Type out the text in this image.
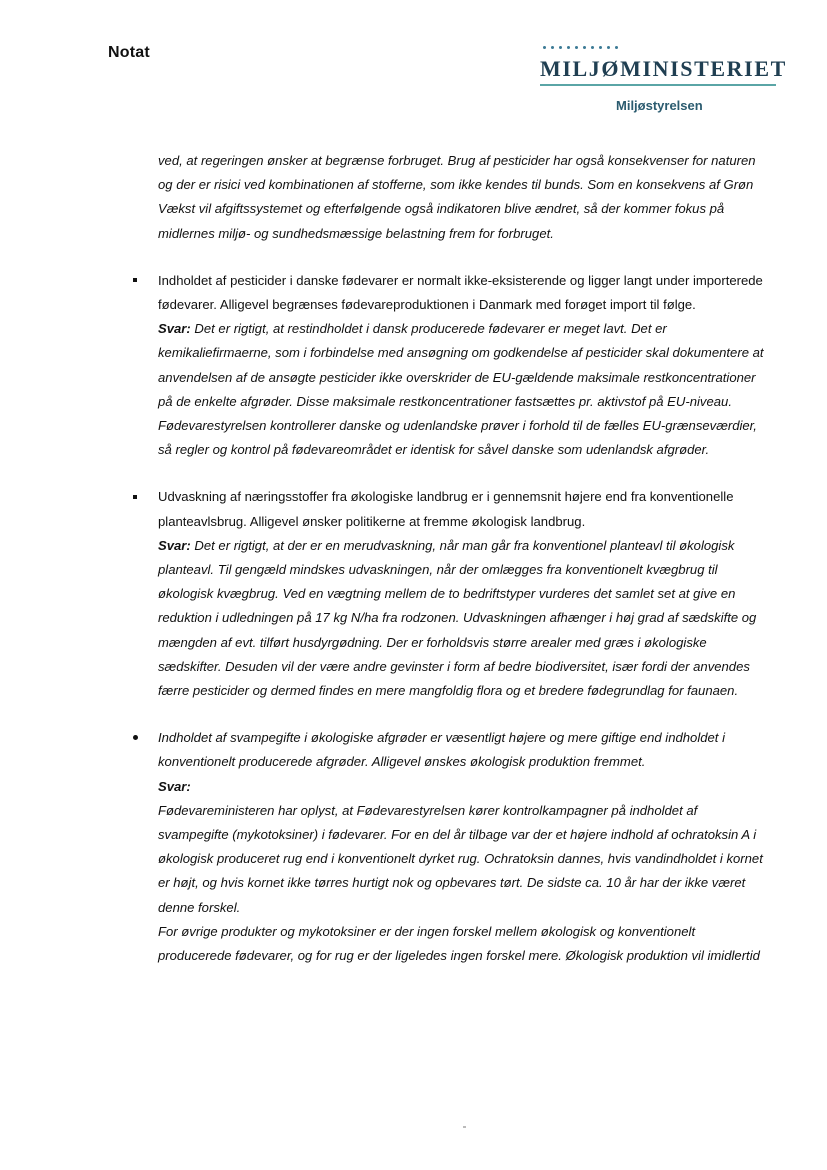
Notat
MILJØMINISTERIET
Miljøstyrelsen

ved, at regeringen ønsker at begrænse forbruget. Brug af pesticider har også konsekvenser for naturen og der er risici ved kombinationen af stofferne, som ikke kendes til bunds. Som en konsekvens af Grøn Vækst vil afgiftssystemet og efterfølgende også indikatoren blive ændret, så der kommer fokus på midlernes miljø- og sundhedsmæssige belastning frem for forbruget.

Indholdet af pesticider i danske fødevarer er normalt ikke-eksisterende og ligger langt under importerede fødevarer. Alligevel begrænses fødevareproduktionen i Danmark med forøget import til følge.

Svar: Det er rigtigt, at restindholdet i dansk producerede fødevarer er meget lavt. Det er kemikaliefirmaerne, som i forbindelse med ansøgning om godkendelse af pesticider skal dokumentere at anvendelsen af de ansøgte pesticider ikke overskrider de EU-gældende maksimale restkoncentrationer på de enkelte afgrøder. Disse maksimale restkoncentrationer fastsættes pr. aktivstof på EU-niveau. Fødevarestyrelsen kontrollerer danske og udenlandske prøver i forhold til de fælles EU-grænseværdier, så regler og kontrol på fødevareområdet er identisk for såvel danske som udenlandsk afgrøder.

Udvaskning af næringsstoffer fra økologiske landbrug er i gennemsnit højere end fra konventionelle planteavlsbrug. Alligevel ønsker politikerne at fremme økologisk landbrug.

Svar: Det er rigtigt, at der er en merudvaskning, når man går fra konventionel planteavl til økologisk planteavl. Til gengæld mindskes udvaskningen, når der omlægges fra konventionelt kvægbrug til økologisk kvægbrug. Ved en vægtning mellem de to bedriftstyper vurderes det samlet set at give en reduktion i udledningen på 17 kg N/ha fra rodzonen. Udvaskningen afhænger i høj grad af sædskifte og mængden af evt. tilført husdyrgødning. Der er forholdsvis større arealer med græs i økologiske sædskifter. Desuden vil der være andre gevinster i form af bedre biodiversitet, især fordi der anvendes færre pesticider og dermed findes en mere mangfoldig flora og et bredere fødegrundlag for faunaen.

Indholdet af svampegifte i økologiske afgrøder er væsentligt højere og mere giftige end indholdet i konventionelt producerede afgrøder. Alligevel ønskes økologisk produktion fremmet.

Svar:

Fødevareministeren har oplyst, at Fødevarestyrelsen kører kontrolkampagner på indholdet af svampegifte (mykotoksiner) i fødevarer. For en del år tilbage var der et højere indhold af ochratoksin A i økologisk produceret rug end i konventionelt dyrket rug. Ochratoksin dannes, hvis vandindholdet i kornet er højt, og hvis kornet ikke tørres hurtigt nok og opbevares tørt. De sidste ca. 10 år har der ikke været denne forskel.

For øvrige produkter og mykotoksiner er der ingen forskel mellem økologisk og konventionelt producerede fødevarer, og for rug er der ligeledes ingen forskel mere. Økologisk produktion vil imidlertid
